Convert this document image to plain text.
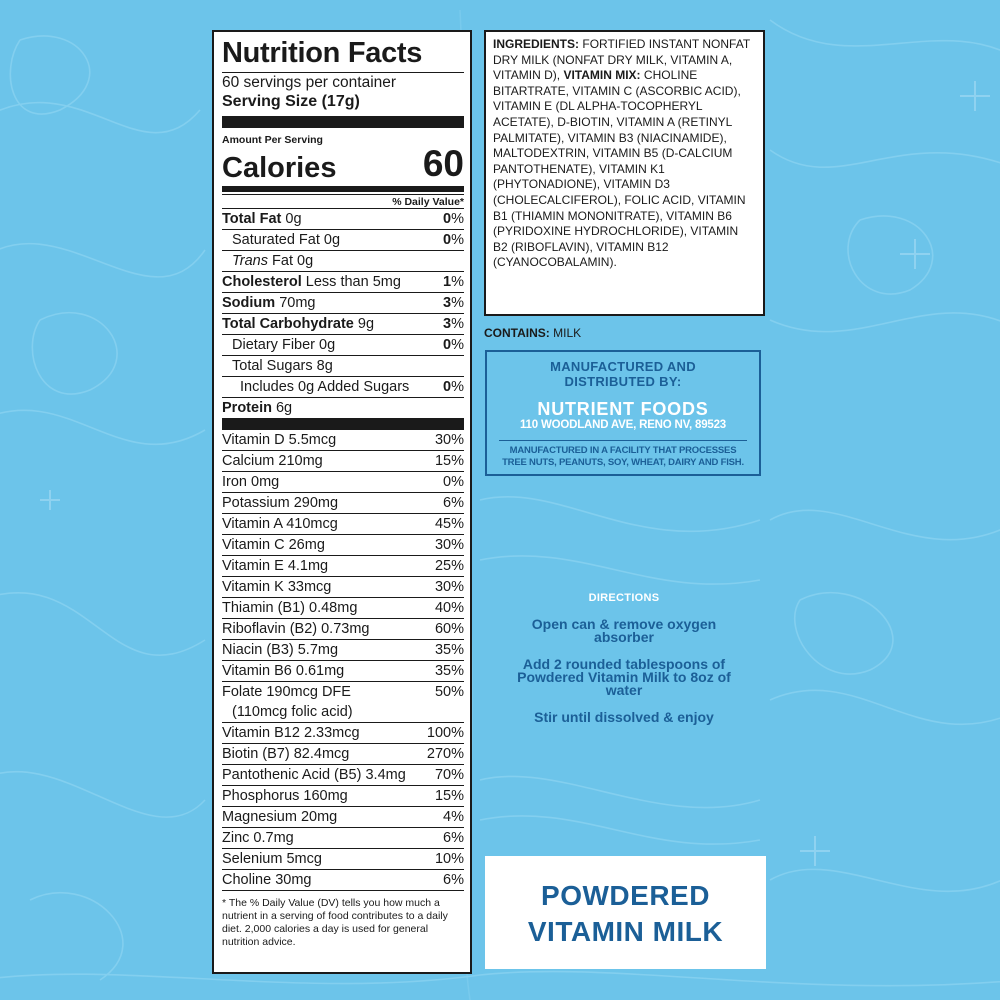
Nutrition Facts
60 servings per container
Serving Size (17g)
Amount Per Serving
Calories 60
% Daily Value*
Total Fat 0g	0%
Saturated Fat 0g	0%
Trans Fat 0g
Cholesterol Less than 5mg	1%
Sodium 70mg	3%
Total Carbohydrate 9g	3%
Dietary Fiber 0g	0%
Total Sugars 8g
Includes 0g Added Sugars 0%
Protein 6g
Vitamin D 5.5mcg	30%
Calcium 210mg	15%
Iron 0mg	0%
Potassium 290mg	6%
Vitamin A 410mcg	45%
Vitamin C 26mg	30%
Vitamin E 4.1mg	25%
Vitamin K 33mcg	30%
Thiamin (B1) 0.48mg	40%
Riboflavin (B2) 0.73mg	60%
Niacin (B3) 5.7mg	35%
Vitamin B6 0.61mg	35%
Folate 190mcg DFE	50%
(110mcg folic acid)
Vitamin B12 2.33mcg	100%
Biotin (B7) 82.4mcg	270%
Pantothenic Acid (B5) 3.4mg 70%
Phosphorus 160mg	15%
Magnesium 20mg	4%
Zinc 0.7mg	6%
Selenium 5mcg	10%
Choline 30mg	6%
* The % Daily Value (DV) tells you how much a nutrient in a serving of food contributes to a daily diet. 2,000 calories a day is used for general nutrition advice.
INGREDIENTS: FORTIFIED INSTANT NONFAT DRY MILK (NONFAT DRY MILK, VITAMIN A, VITAMIN D), VITAMIN MIX: CHOLINE BITARTRATE, VITAMIN C (ASCORBIC ACID), VITAMIN E (DL ALPHA-TOCOPHERYL ACETATE), D-BIOTIN, VITAMIN A (RETINYL PALMITATE), VITAMIN B3 (NIACINAMIDE), MALTODEXTRIN, VITAMIN B5 (D-CALCIUM PANTOTHENATE), VITAMIN K1 (PHYTONADIONE), VITAMIN D3 (CHOLECALCIFEROL), FOLIC ACID, VITAMIN B1 (THIAMIN MONONITRATE), VITAMIN B6 (PYRIDOXINE HYDROCHLORIDE), VITAMIN B2 (RIBOFLAVIN), VITAMIN B12 (CYANOCOBALAMIN).
CONTAINS: MILK
MANUFACTURED AND
DISTRIBUTED BY:
NUTRIENT FOODS
110 WOODLAND AVE, RENO NV, 89523
MANUFACTURED IN A FACILITY THAT PROCESSES
TREE NUTS, PEANUTS, SOY, WHEAT, DAIRY AND FISH.
DIRECTIONS
Open can & remove oxygen absorber
Add 2 rounded tablespoons of Powdered Vitamin Milk to 8oz of water
Stir until dissolved & enjoy
POWDERED
VITAMIN MILK
